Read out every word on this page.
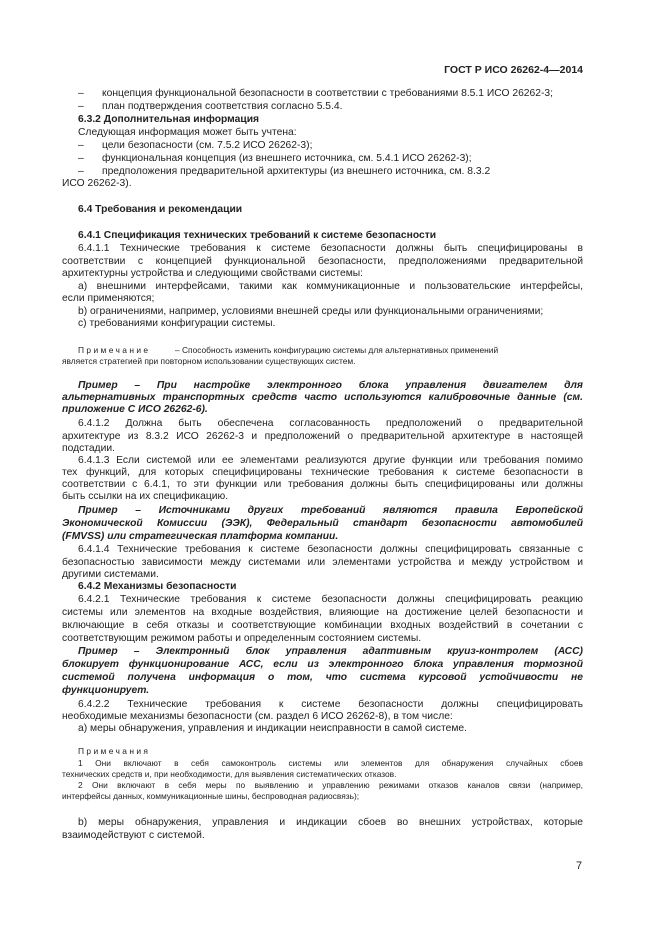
ГОСТ Р ИСО 26262-4—2014
– концепция функциональной безопасности в соответствии с требованиями 8.5.1 ИСО 26262-3;
– план подтверждения соответствия согласно 5.5.4.
6.3.2 Дополнительная информация
Следующая информация может быть учтена:
– цели безопасности (см. 7.5.2 ИСО 26262-3);
– функциональная концепция (из внешнего источника, см. 5.4.1 ИСО 26262-3);
– предположения предварительной архитектуры (из внешнего источника, см. 8.3.2
ИСО 26262-3).
6.4 Требования и рекомендации
6.4.1 Спецификация технических требований к системе безопасности
6.4.1.1 Технические требования к системе безопасности должны быть специфицированы в
соответствии с концепцией функциональной безопасности, предположениями предварительной
архитектурны устройства и следующими свойствами системы:
a) внешними интерфейсами, такими как коммуникационные и пользовательские интерфейсы,
если применяются;
b) ограничениями, например, условиями внешней среды или функциональными ограничениями;
c) требованиями конфигурации системы.
Примечание	– Способность изменить конфигурацию системы для альтернативных применений
является стратегией при повторном использовании существующих систем.
Пример – При настройке электронного блока управления двигателем для
альтернативных транспортных средств часто используются калибровочные данные (см.
приложение С ИСО 26262-6).
6.4.1.2 Должна быть обеспечена согласованность предположений о предварительной
архитектуре из 8.3.2 ИСО 26262-3 и предположений о предварительной архитектуре в настоящей
подстадии.
6.4.1.3 Если системой или ее элементами реализуются другие функции или требования помимо
тех функций, для которых специфицированы технические требования к системе безопасности в
соответствии с 6.4.1, то эти функции или требования должны быть специфицированы или должны
быть ссылки на их спецификацию.
Пример – Источниками других требований являются правила Европейской
Экономической Комиссии (ЭЭК), Федеральный стандарт безопасности автомобилей
(FMVSS) или стратегическая платформа компании.
6.4.1.4 Технические требования к системе безопасности должны специфицировать связанные с
безопасностью зависимости между системами или элементами устройства и между устройством и
другими системами.
6.4.2 Механизмы безопасности
6.4.2.1 Технические требования к системе безопасности должны специфицировать реакцию
системы или элементов на входные воздействия, влияющие на достижение целей безопасности и
включающие в себя отказы и соответствующие комбинации входных воздействий в сочетании с
соответствующим режимом работы и определенным состоянием системы.
Пример – Электронный блок управления адаптивным круиз-контролем (АСС)
блокирует функционирование АСС, если из электронного блока управления тормозной
системой получена информация о том, что система курсовой устойчивости не
функционирует.
6.4.2.2 Технические требования к системе безопасности должны специфицировать
необходимые механизмы безопасности (см. раздел 6 ИСО 26262-8), в том числе:
a) меры обнаружения, управления и индикации неисправности в самой системе.
Примечания
1 Они включают в себя самоконтроль системы или элементов для обнаружения случайных сбоев
технических средств и, при необходимости, для выявления систематических отказов.
2 Они включают в себя меры по выявлению и управлению режимами отказов каналов связи (например,
интерфейсы данных, коммуникационные шины, беспроводная радиосвязь);
b) меры обнаружения, управления и индикации сбоев во внешних устройствах, которые
взаимодействуют с системой.
7
